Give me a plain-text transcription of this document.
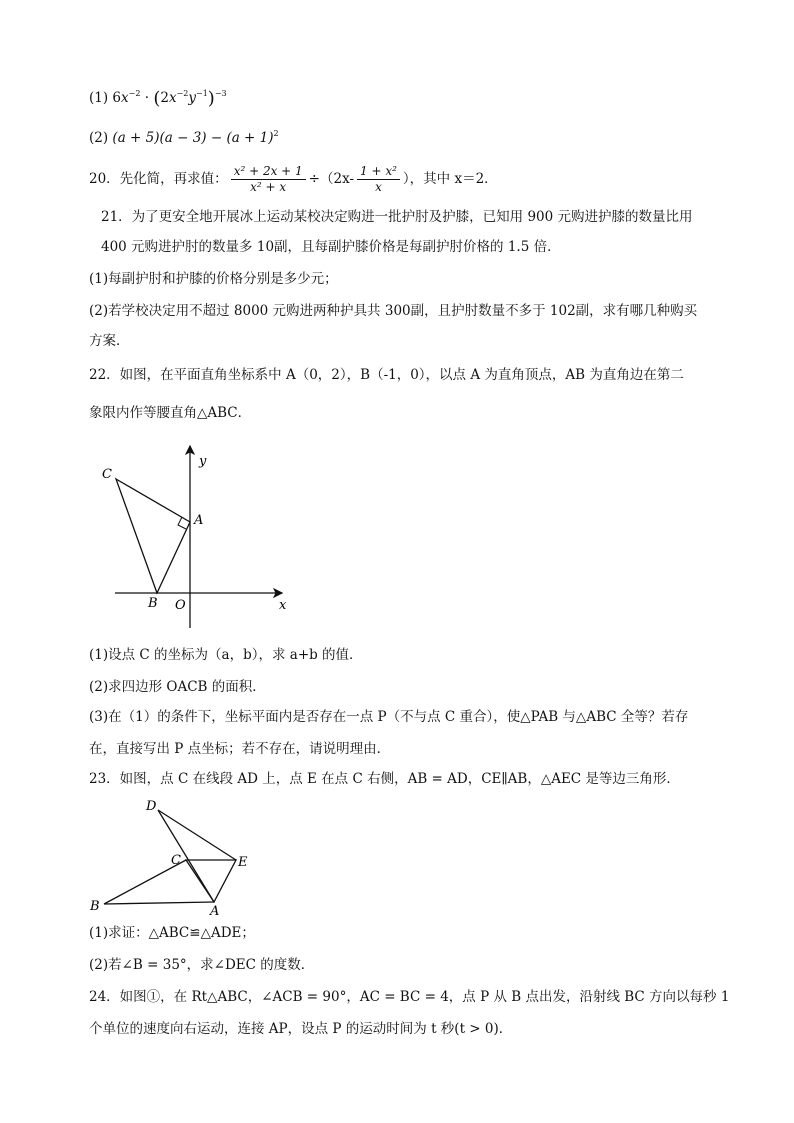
(1) $6x^{-2} \cdot (2x^{-2}y^{-1})^{-3}$
(2) $(a + 5)(a - 3) - (a + 1)^2$
20．先化简，再求值： $\frac{\text{x² + 2x + 1}}{\text{x² + x}} \div(2x- \frac{\text{1 + x²}}{x}$ ），其中 x＝2．
21．为了更安全地开展冰上运动某校决定购进一批护肘及护膝，已知用 900 元购进护膝的数量比用
400 元购进护肘的数量多 10副，且每副护膝价格是每副护肘价格的 1.5 倍．
(1)每副护肘和护膝的价格分别是多少元；
(2)若学校决定用不超过 8000 元购进两种护具共 300副，且护肘数量不多于 102副，求有哪几种购买
方案．
22．如图，在平面直角坐标系中 A（0，2），B（-1，0），以点 A 为直角顶点，AB 为直角边在第二
象限内作等腰直角△ABC．
y
x
O
A
B
C
(1)设点 C 的坐标为（a，b），求 a+b 的值．
(2)求四边形 OACB 的面积．
(3)在（1）的条件下，坐标平面内是否存在一点 P（不与点 C 重合），使△PAB 与△ABC 全等？若存
在，直接写出 P 点坐标；若不存在，请说明理由．
23．如图，点 C 在线段 AD 上，点 E 在点 C 右侧，AB = AD，CE∥AB，△AEC 是等边三角形．
D
C	E
B	A
(1)求证：△ABC≌△ADE；
(2)若∠B = 35°，求∠DEC 的度数．
24．如图①，在 Rt△ABC，∠ACB = 90°，AC = BC = 4，点 P 从 B 点出发，沿射线 BC 方向以每秒 1
个单位的速度向右运动，连接 AP，设点 P 的运动时间为 t 秒(t > 0)．
